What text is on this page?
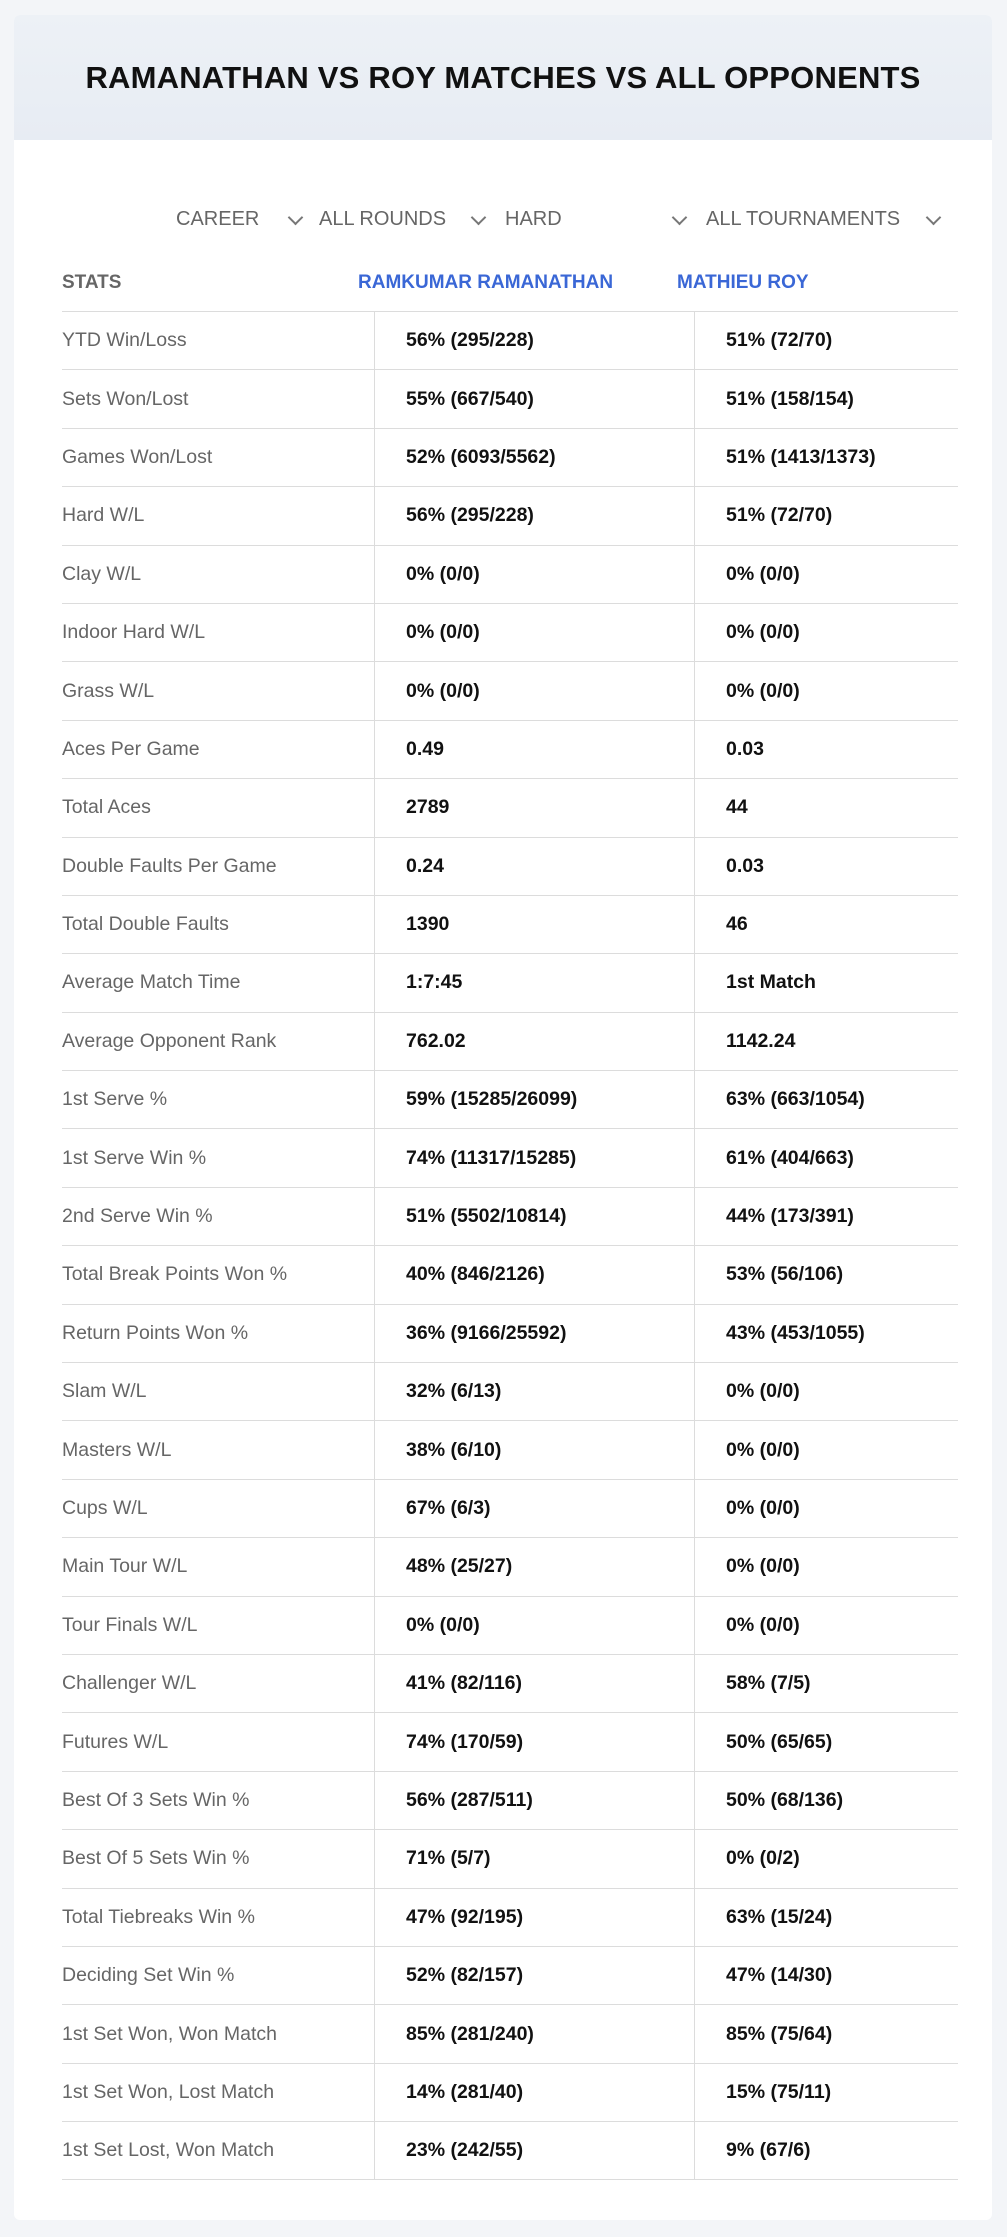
RAMANATHAN VS ROY MATCHES VS ALL OPPONENTS
CAREER	ALL ROUNDS	HARD	ALL TOURNAMENTS
STATS	RAMKUMAR RAMANATHAN	MATHIEU ROY
YTD Win/Loss	56% (295/228)	51% (72/70)
Sets Won/Lost	55% (667/540)	51% (158/154)
Games Won/Lost	52% (6093/5562)	51% (1413/1373)
Hard W/L	56% (295/228)	51% (72/70)
Clay W/L	0% (0/0)	0% (0/0)
Indoor Hard W/L	0% (0/0)	0% (0/0)
Grass W/L	0% (0/0)	0% (0/0)
Aces Per Game	0.49	0.03
Total Aces	2789	44
Double Faults Per Game	0.24	0.03
Total Double Faults	1390	46
Average Match Time	1:7:45	1st Match
Average Opponent Rank	762.02	1142.24
1st Serve %	59% (15285/26099)	63% (663/1054)
1st Serve Win %	74% (11317/15285)	61% (404/663)
2nd Serve Win %	51% (5502/10814)	44% (173/391)
Total Break Points Won %	40% (846/2126)	53% (56/106)
Return Points Won %	36% (9166/25592)	43% (453/1055)
Slam W/L	32% (6/13)	0% (0/0)
Masters W/L	38% (6/10)	0% (0/0)
Cups W/L	67% (6/3)	0% (0/0)
Main Tour W/L	48% (25/27)	0% (0/0)
Tour Finals W/L	0% (0/0)	0% (0/0)
Challenger W/L	41% (82/116)	58% (7/5)
Futures W/L	74% (170/59)	50% (65/65)
Best Of 3 Sets Win %	56% (287/511)	50% (68/136)
Best Of 5 Sets Win %	71% (5/7)	0% (0/2)
Total Tiebreaks Win %	47% (92/195)	63% (15/24)
Deciding Set Win %	52% (82/157)	47% (14/30)
1st Set Won, Won Match	85% (281/240)	85% (75/64)
1st Set Won, Lost Match	14% (281/40)	15% (75/11)
1st Set Lost, Won Match	23% (242/55)	9% (67/6)
